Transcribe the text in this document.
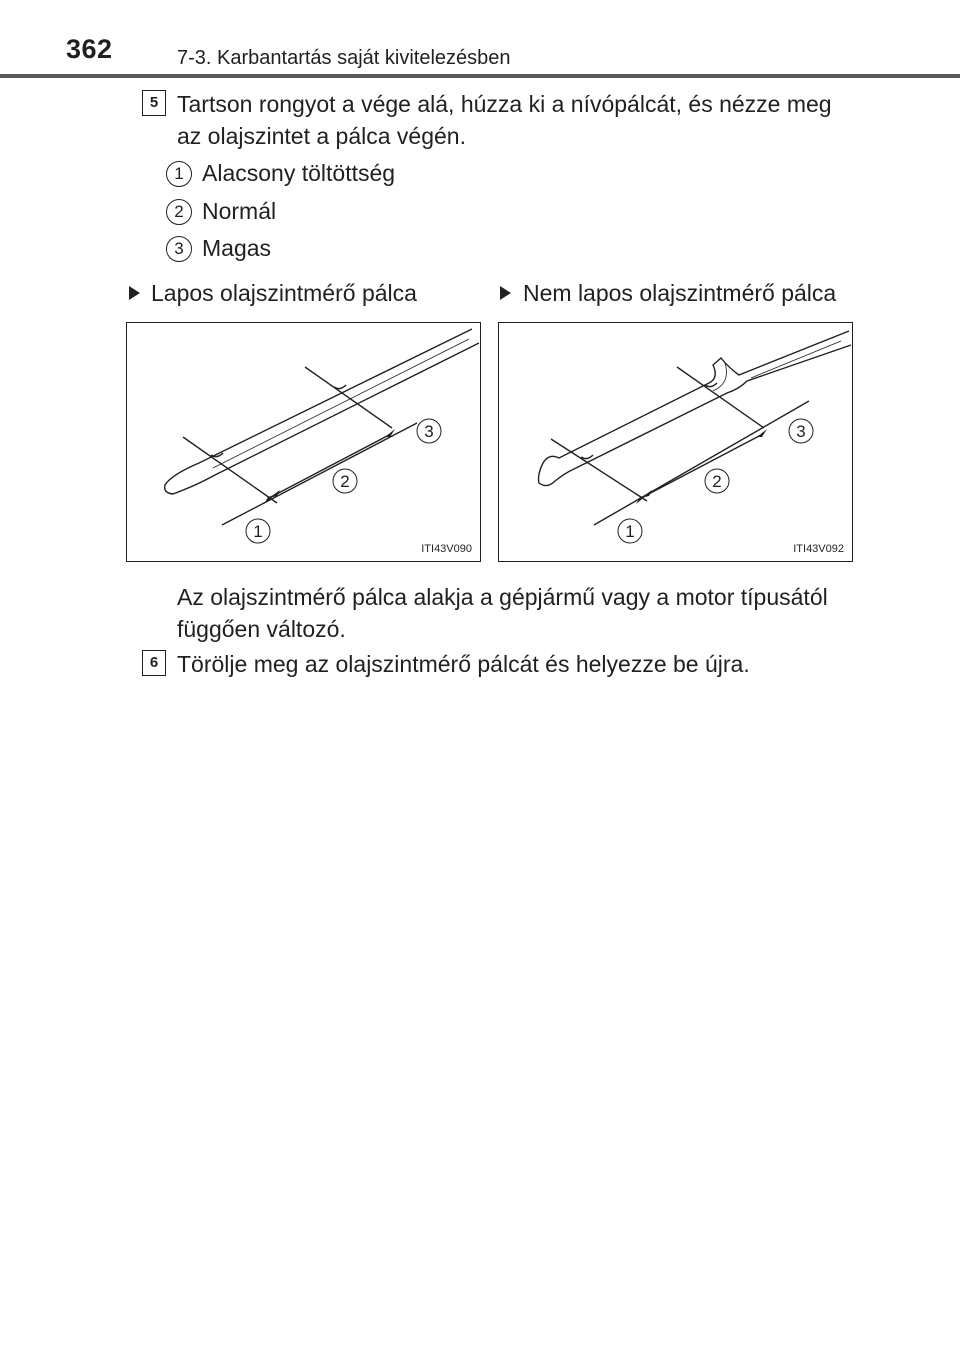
362	7-3. Karbantartás saját kivitelezésben
5 Tartson rongyot a vége alá, húzza ki a nívópálcát, és nézze meg
az olajszintet a pálca végén.
1 Alacsony töltöttség
2 Normál
3 Magas
Lapos olajszintmérő pálca	Nem lapos olajszintmérő pálca
3
2
1
ITI43V090
3
2
1
ITI43V092
Az olajszintmérő pálca alakja a gépjármű vagy a motor típusától
függően változó.
6 Törölje meg az olajszintmérő pálcát és helyezze be újra.
